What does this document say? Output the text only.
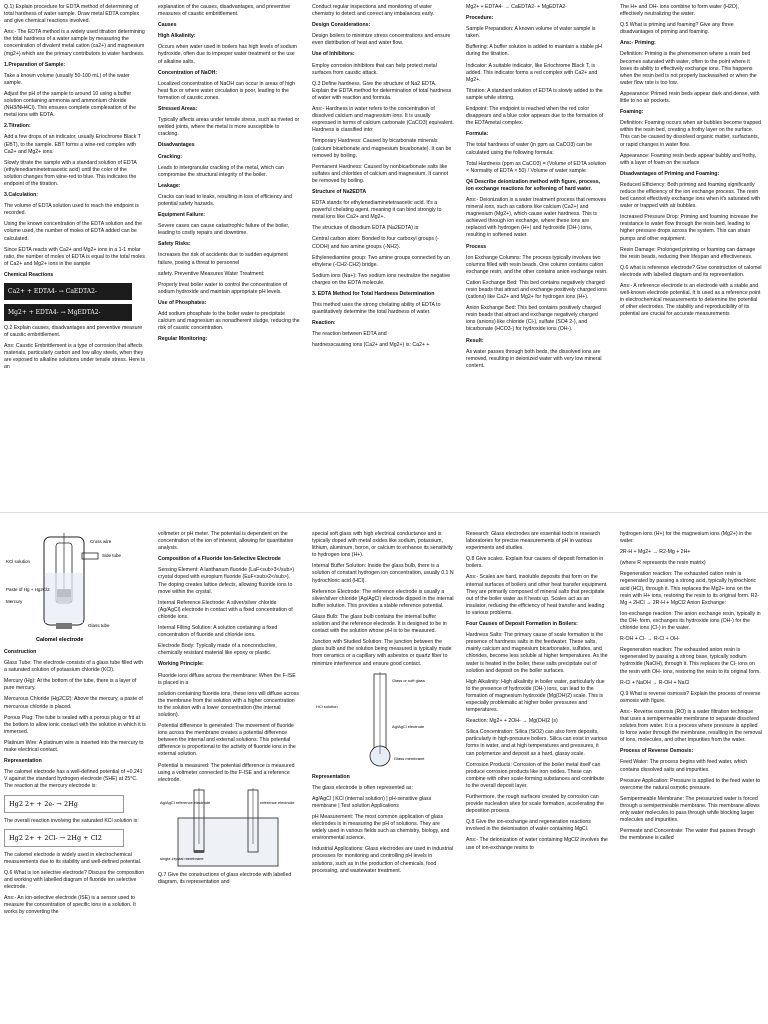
Q.1) Explain procedure for EDTA method of determining of total hardness of water sample. Draw metal EDTA complex and give chemical reactions involved.

Ans:- The EDTA method is a widely used titration determining the total hardness of a water sample by measuring the concentration of divalent metal cation (ca2+) and magnesium (mg2+) which are the primary contributors to water hardness.

1.Preparation of Sample:

Take a known volume (usually 50-100 mL) of the water sample.

Adjust the pH of the sample to around 10 using a buffer solution containing ammonia and ammonium chloride (NH3/NH4Cl). This ensures complete complexation of the metal ions with EDTA.

2.Titration:

Add a few drops of an indicator, usually Eriochrome Black T (EBT), to the sample. EBT forms a wine-red complex with Ca2+ and Mg2+ ions.

Slowly titrate the sample with a standard solution of EDTA (ethylenediaminetetraacetic acid) until the color of the solution changes from wine-red to blue. This indicates the endpoint of the titration.

3.Calculation:

The volume of EDTA solution used to reach the endpoint is recorded.

Using the known concentration of the EDTA solution and the volume used, the number of moles of EDTA added can be calculated.

Since EDTA reacts with Ca2+ and Mg2+ ions in a 1-1 molar ratio, the number of moles of EDTA is equal to the total moles of Ca2+ and Mg2+ ions in the sample

Chemical Reactions

Ca2+ + EDTA4- → CaEDTA2-
Mg2+ + EDTA4- → MgEDTA2-

Q.2 Explain causes, disadvantages and preventive measure of caustic embrittlement.

Ans: Caustic Embrittlement is a type of corrosion that affects materials, particularly carbon and low alloy steels, when they are exposed to alkaline solutions under tensile stress. Here is an

explanation of the causes, disadvantages, and preventive measures of caustic embrittlement.

Causes

High Alkalinity:

Occurs when water used in boilers has high levels of sodium hydroxide, often due to improper water treatment or the use of alkaline salts.

Concentration of NaOH:

Localized concentration of NaOH can occur in areas of high heat flux or where water circulation is poor, leading to the formation of caustic zones.

Stressed Areas:

Typically affects areas under tensile stress, such as riveted or welded joints, where the metal is more susceptible to cracking.

Disadvantages

Cracking:

Leads to intergranular cracking of the metal, which can compromise the structural integrity of the boiler.

Leakage:

Cracks can lead to leaks, resulting in loss of efficiency and potential safety hazards.

Equipment Failure:

Severe cases can cause catastrophic failure of the boiler, leading to costly repairs and downtime.

Safety Risks:

Increases the risk of accidents due to sudden equipment failure, posing a threat to personnel

safety. Preventive Measures Water Treatment:

Properly treat boiler water to control the concentration of sodium hydroxide and maintain appropriate pH levels.

Use of Phosphates:

Add sodium phosphate to the boiler water to precipitate calcium and magnesium as nonadherent sludge, reducing the risk of caustic concentration.

Regular Monitoring:

Conduct regular inspections and monitoring of water chemistry to detect and correct any imbalances early.

Design Considerations:

Design boilers to minimize stress concentrations and ensure even distribution of heat and water flow.

Use of Inhibitors:

Employ corrosion inhibitors that can help protect metal surfaces from caustic attack.

Q.3 Define hardness. Give the structure of Na2 EDTA. Explain the EDTA method for determination of total hardness of water with reaction and formula.

Ans:- Hardness in water refers to the concentration of dissolved calcium and magnesium ions. It is usually expressed in terms of calcium carbonate (CaCO3) equivalent. Hardness is classified into:

Temporary Hardness: Caused by bicarbonate minerals (calcium bicarbonate and magnesium bicarbonate). It can be removed by boiling.

Permanent Hardness: Caused by nonbicarbonate salts like sulfates and chlorides of calcium and magnesium. It cannot be removed by boiling.

Structure of Na2EDTA

EDTA stands for ethylenediaminetetraacetic acid. It's a powerful chelating agent, meaning it can bind strongly to metal ions like Ca2+ and Mg2+.

The structure of disodium EDTA (Na2EDTA) is:

Central carbon atom: Bonded to four carboxyl groups (-COOH) and two amine groups (-NH2).

Ethylenediamine group: Two amine groups connected by an ethylene (-CH2-CH2) bridge.

Sodium ions (Na+): Two sodium ions neutralize the negative charges on the EDTA molecule.

3. EDTA Method for Total Hardness Determination

This method uses the strong chelating ability of EDTA to quantitatively determine the total hardness of water.

Reaction:

The reaction between EDTA and

hardnesscausing ions (Ca2+ and Mg2+) is: Ca2+ +

Mg2+ + EDTA4- → CaEDTA2- + MgEDTA2-

Procedure:

Sample Preparation: A known volume of water sample is taken.

Buffering: A buffer solution is added to maintain a stable pH during the titration.

Indicator: A suitable indicator, like Eriochrome Black T, is added. This indicator forms a red complex with Ca2+ and Mg2+.

Titration: A standard solution of EDTA is slowly added to the sample while stirring.

Endpoint: The endpoint is reached when the red color disappears and a blue color appears due to the formation of the EDTAmetal complex.

Formula:

The total hardness of water (in ppm as CaCO3) can be calculated using the following formula:

Total Hardness (ppm as CaCO3) = (Volume of EDTA solution × Normality of EDTA × 50) / Volume of water sample

Q4 Describe deionization method with figure, process, ion exchange reactions for softening of hard water.

Ans:- Deionization is a water treatment process that removes mineral ions, such as cations like calcium (Ca2+) and magnesium (Mg2+), which cause water hardness. This is achieved through ion exchange, where these ions are replaced with hydrogen (H+) and hydroxide (OH-) ions, resulting in softened water.

Process

Ion Exchange Columns: The process typically involves two columns filled with resin beads. One column contains cation exchange resin, and the other contains anion exchange resin.

Cation Exchange Bed: This bed contains negatively charged resin beads that attract and exchange positively charged ions (cations) like Ca2+ and Mg2+ for hydrogen ions (H+).

Anion Exchange Bed: This bed contains positively charged resin beads that attract and exchange negatively charged ions (anions) like chloride (Cl-), sulfate (SO4 2-), and bicarbonate (HCO3-) for hydroxide ions (OH-).

Result:

As water passes through both beds, the dissolved ions are removed, resulting in deionized water with very low mineral content.

The H+ and OH- ions combine to form water (H2O), effectively neutralizing the water.

Q.5 What is priming and foaming? Give any three disadvantages of priming and foaming.

Ans:- Priming:

Definition: Priming is the phenomenon where a resin bed becomes saturated with water, often to the point where it loses its ability to effectively exchange ions. This happens when the resin bed is not properly backwashed or when the water flow rate is too low.

Appearance: Primed resin beds appear dark and dense, with little to no air pockets.

Foaming:

Definition: Foaming occurs when air bubbles become trapped within the resin bed, creating a frothy layer on the surface. This can be caused by dissolved organic matter, surfactants, or rapid changes in water flow.

Appearance: Foaming resin beds appear bubbly and frothy, with a layer of foam on the surface

Disadvantages of Priming and Foaming:

Reduced Efficiency: Both priming and foaming significantly reduce the efficiency of the ion exchange process. The resin bed cannot effectively exchange ions when it's saturated with water or trapped with air bubbles.

Increased Pressure Drop: Priming and foaming increase the resistance to water flow through the resin bed, leading to higher pressure drops across the system. This can strain pumps and other equipment.

Resin Damage: Prolonged priming or foaming can damage the resin beads, reducing their lifespan and effectiveness.

Q.6 what is reference electrode? Give construction of calomel electrode with labelled diagram and its representation.

Ans:- A reference electrode is an electrode with a stable and well-known electrode potential. It is used as a reference point in electrochemical measurements to determine the potential of other electrodes. The stability and reproducibility of its potential are crucial for accurate measurements

Cross wire
Side tube
KCl solution
Paste of Hg + Hg2Cl2
Mercury
Glass tube
Calomel electrode

Construction

Glass Tube: The electrode consists of a glass tube filled with a saturated solution of potassium chloride (KCl).

Mercury (Hg): At the bottom of the tube, there is a layer of pure mercury.

Mercurous Chloride (Hg2Cl2): Above the mercury, a paste of mercurous chloride is placed.

Porous Plug: The tube is sealed with a porous plug or frit at the bottom to allow ionic contact with the solution in which it is immersed.

Platinum Wire: A platinum wire is inserted into the mercury to make electrical contact.

Representation

The calomel electrode has a well-defined potential of +0.241 V against the standard hydrogen electrode (SHE) at 25°C. The reaction at the mercury electrode is:

Hg2 2+ + 2e- → 2Hg

The overall reaction involving the saturated KCl solution is:

Hg2 2+ + 2Cl- → 2Hg + Cl2

The calomel electrode is widely used in electrochemical measurements due to its stability and well-defined potential.

Q.6 What is ion selective electrode? Discuss the composition and working with labelled diagram of fluoride ion selective electrode.

Ans:- An ion-selective electrode (ISE) is a sensor used to measure the concentration of specific ions in a solution. It works by converting the

voltmeter or pH meter. The potential is dependent on the concentration of the ion of interest, allowing for quantitative analysis.

Composition of a Fluoride Ion-Selective Electrode

Sensing Element: A lanthanum fluoride (LaF<sub>3</sub>) crystal doped with europium fluoride (EuF<sub>2</sub>). The doping creates lattice defects, allowing fluoride ions to move within the crystal.

Internal Reference Electrode: A silver/silver chloride (Ag/AgCl) electrode in contact with a fixed concentration of chloride ions.

Internal Filling Solution: A solution containing a fixed concentration of fluoride and chloride ions.

Electrode Body: Typically made of a nonconductive, chemically resistant material like epoxy or plastic.

Working Principle:

Fluoride ions diffuse across the membrane: When the F-ISE is placed in a

solution containing fluoride ions, these ions will diffuse across the membrane from the solution with a higher concentration to the solution with a lower concentration (the internal solution).

Potential difference is generated: The movement of fluoride ions across the membrane creates a potential difference between the internal and external solutions. This potential difference is proportional to the activity of fluoride ions in the external solution.

Potential is measured: The potential difference is measured using a voltmeter connected to the F-ISE and a reference electrode.

Ag/AgCl reference electrode	reference electrode
single-crystal membrane

Q.7 Give the constructions of glass electrode with labelled diagram, its representation and

special soft glass with high electrical conductance and is typically doped with metal oxides like sodium, potassium, lithium, aluminum, boron, or calcium to enhance its sensitivity to hydrogen ions (H+).

Internal Buffer Solution: Inside the glass bulb, there is a solution of constant hydrogen ion concentration, usually 0.1 N hydrochloric acid (HCl).

Reference Electrode: The reference electrode is usually a silver/silver chloride (Ag/AgCl) electrode dipped in the internal buffer solution. This provides a stable reference potential.

Glass Bulb: The glass bulb contains the internal buffer solution and the reference electrode. It is designed to be in contact with the solution whose pH is to be measured.

Junction with Studied Solution: The junction between the glass bulb and the solution being measured is typically made from ceramics or a capillary with asbestos or quartz fiber to minimize interference and ensure good contact.

Glass or soft glass
HCl solution
Ag/AgCl electrode
Glass membrane

Representation

The glass electrode is often represented as:

Ag/AgCl | KCl (internal solution) | pH-sensitive glass membrane | Test solution Applications

pH Measurement: The most common application of glass electrodes is in measuring the pH of solutions. They are widely used in various fields such as chemistry, biology, and environmental science.

Industrial Applications: Glass electrodes are used in industrial processes for monitoring and controlling pH levels in solutions, such as in the production of chemicals, food processing, and wastewater treatment.

Research: Glass electrodes are essential tools in research laboratories for precise measurements of pH in various experiments and studies.

Q.8 Give scales. Explain four causes of deposit formation in boilers.

Ans:- Scales are hard, insoluble deposits that form on the internal surfaces of boilers and other heat transfer equipment. They are primarily composed of mineral salts that precipitate out of the boiler water as it heats up. Scales act as an insulator, reducing the efficiency of heat transfer and leading to various problems.

Four Causes of Deposit Formation in Boilers:

Hardness Salts: The primary cause of scale formation is the presence of hardness salts in the feedwater. These salts, mainly calcium and magnesium bicarbonates, sulfates, and chlorides, become less soluble at higher temperatures. As the water is heated in the boiler, these salts precipitate out of solution and deposit on the boiler surfaces.

High Alkalinity: High alkalinity in boiler water, particularly due to the presence of hydroxide (OH-) ions, can lead to the formation of magnesium hydroxide (Mg(OH)2) scale. This is especially problematic at higher boiler pressures and temperatures.

Reaction: Mg2+ + 2OH- → Mg(OH)2 (s)

Silica Concentration: Silica (SiO2) can also form deposits, particularly in high-pressure boilers. Silica can exist in various forms in water, and at high temperatures and pressures, it can polymerize and deposit as a hard, glassy scale.

Corrosion Products: Corrosion of the boiler metal itself can produce corrosion products like iron oxides. These can combine with other scale-forming substances and contribute to the overall deposit layer.

Furthermore, the rough surfaces created by corrosion can provide nucleation sites for scale formation, accelerating the deposition process.

Q.8 Give the ion-exchange and regeneration reactions involved in the deionisation of water containing MgCl.

Ans:- The deionization of water containing MgCl2 involves the use of ion-exchange resins to

hydrogen ions (H+) for the magnesium ions (Mg2+) in the water.

2R-H + Mg2+ → R2-Mg + 2H+

(where R represents the resin matrix)

Regeneration reaction: The exhausted cation resin is regenerated by passing a strong acid, typically hydrochloric acid (HCl), through it. This replaces the Mg2+ ions on the resin with H+ ions, restoring the resin to its original form. R2-Mg + 2HCl → 2R-H + MgCl2 Anion Exchange:

Ion-exchange reaction: The anion exchange resin, typically in the OH- form, exchanges its hydroxide ions (OH-) for the chloride ions (Cl-) in the water.

R-OH + Cl- → R-Cl + OH-

Regeneration reaction: The exhausted anion resin is regenerated by passing a strong base, typically sodium hydroxide (NaOH), through it. This replaces the Cl- ions on the resin with OH- ions, restoring the resin to its original form.

R-Cl + NaOH → R-OH + NaCl

Q.9 What is reverse osmosis? Explain the process of reverse osmosis with figure.

Ans:- Reverse osmosis (RO) is a water filtration technique that uses a semipermeable membrane to separate dissolved solutes from water. It is a process where pressure is applied to force water through the membrane, resulting in the removal of ions, molecules, and other impurities from the water.

Process of Reverse Osmosis:

Feed Water: The process begins with feed water, which contains dissolved salts and impurities.

Pressure Application: Pressure is applied to the feed water to overcome the natural osmotic pressure.

Semipermeable Membrane: The pressurized water is forced through a semipermeable membrane. This membrane allows only water molecules to pass through while blocking larger molecules and impurities.

Permeate and Concentrate: The water that passes through the membrane is called
